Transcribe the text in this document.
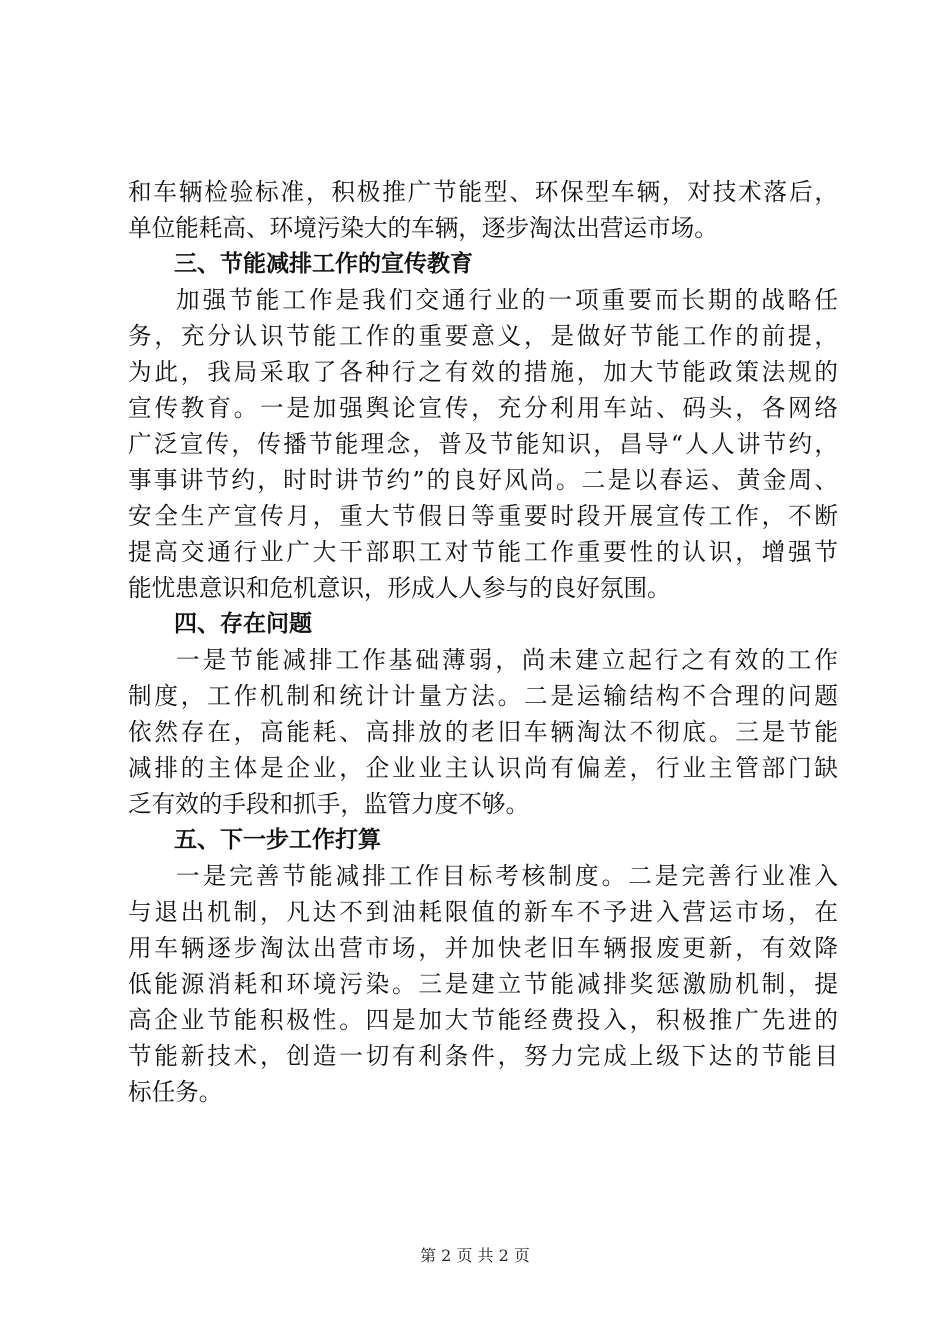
和车辆检验标准，积极推广节能型、环保型车辆，对技术落后，
单位能耗高、环境污染大的车辆，逐步淘汰出营运市场。
三、节能减排工作的宣传教育
加强节能工作是我们交通行业的一项重要而长期的战略任
务，充分认识节能工作的重要意义，是做好节能工作的前提，
为此，我局采取了各种行之有效的措施，加大节能政策法规的
宣传教育。一是加强舆论宣传，充分利用车站、码头，各网络
广泛宣传，传播节能理念，普及节能知识，昌导“人人讲节约，
事事讲节约，时时讲节约”的良好风尚。二是以春运、黄金周、
安全生产宣传月，重大节假日等重要时段开展宣传工作，不断
提高交通行业广大干部职工对节能工作重要性的认识，增强节
能忧患意识和危机意识，形成人人参与的良好氛围。
四、存在问题
一是节能减排工作基础薄弱，尚未建立起行之有效的工作
制度，工作机制和统计计量方法。二是运输结构不合理的问题
依然存在，高能耗、高排放的老旧车辆淘汰不彻底。三是节能
减排的主体是企业，企业业主认识尚有偏差，行业主管部门缺
乏有效的手段和抓手，监管力度不够。
五、下一步工作打算
一是完善节能减排工作目标考核制度。二是完善行业准入
与退出机制，凡达不到油耗限值的新车不予进入营运市场，在
用车辆逐步淘汰出营市场，并加快老旧车辆报废更新，有效降
低能源消耗和环境污染。三是建立节能减排奖惩激励机制，提
高企业节能积极性。四是加大节能经费投入，积极推广先进的
节能新技术，创造一切有利条件，努力完成上级下达的节能目
标任务。
第 2 页 共 2 页
